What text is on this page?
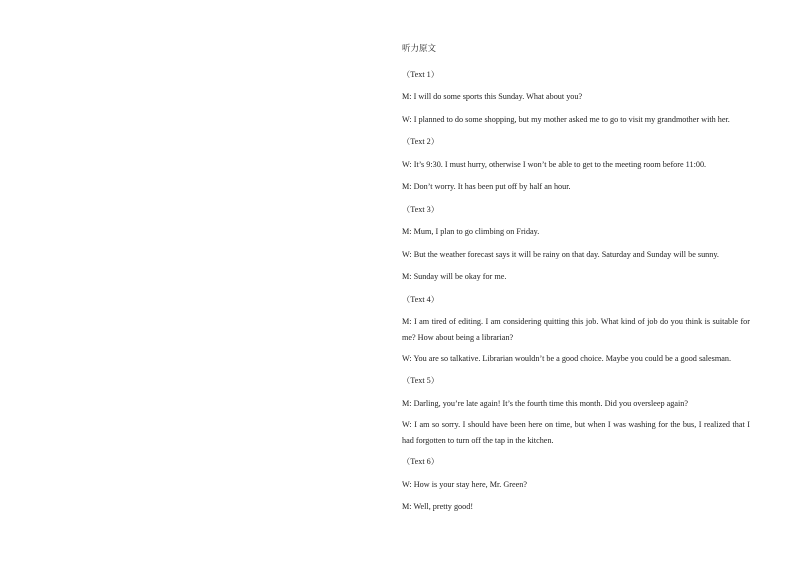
听力原文
（Text 1）
M: I will do some sports this Sunday. What about you?
W: I planned to do some shopping, but my mother asked me to go to visit my grandmother with her.
（Text 2）
W: It’s 9:30. I must hurry, otherwise I won’t be able to get to the meeting room before 11:00.
M: Don’t worry. It has been put off by half an hour.
（Text 3）
M: Mum, I plan to go climbing on Friday.
W: But the weather forecast says it will be rainy on that day. Saturday and Sunday will be sunny.
M: Sunday will be okay for me.
（Text 4）
M: I am tired of editing. I am considering quitting this job. What kind of job do you think is suitable for me? How about being a librarian?
W: You are so talkative. Librarian wouldn’t be a good choice. Maybe you could be a good salesman.
（Text 5）
M: Darling, you’re late again! It’s the fourth time this month. Did you oversleep again?
W: I am so sorry. I should have been here on time, but when I was washing for the bus, I realized that I had forgotten to turn off the tap in the kitchen.
（Text 6）
W: How is your stay here, Mr. Green?
M: Well, pretty good!
